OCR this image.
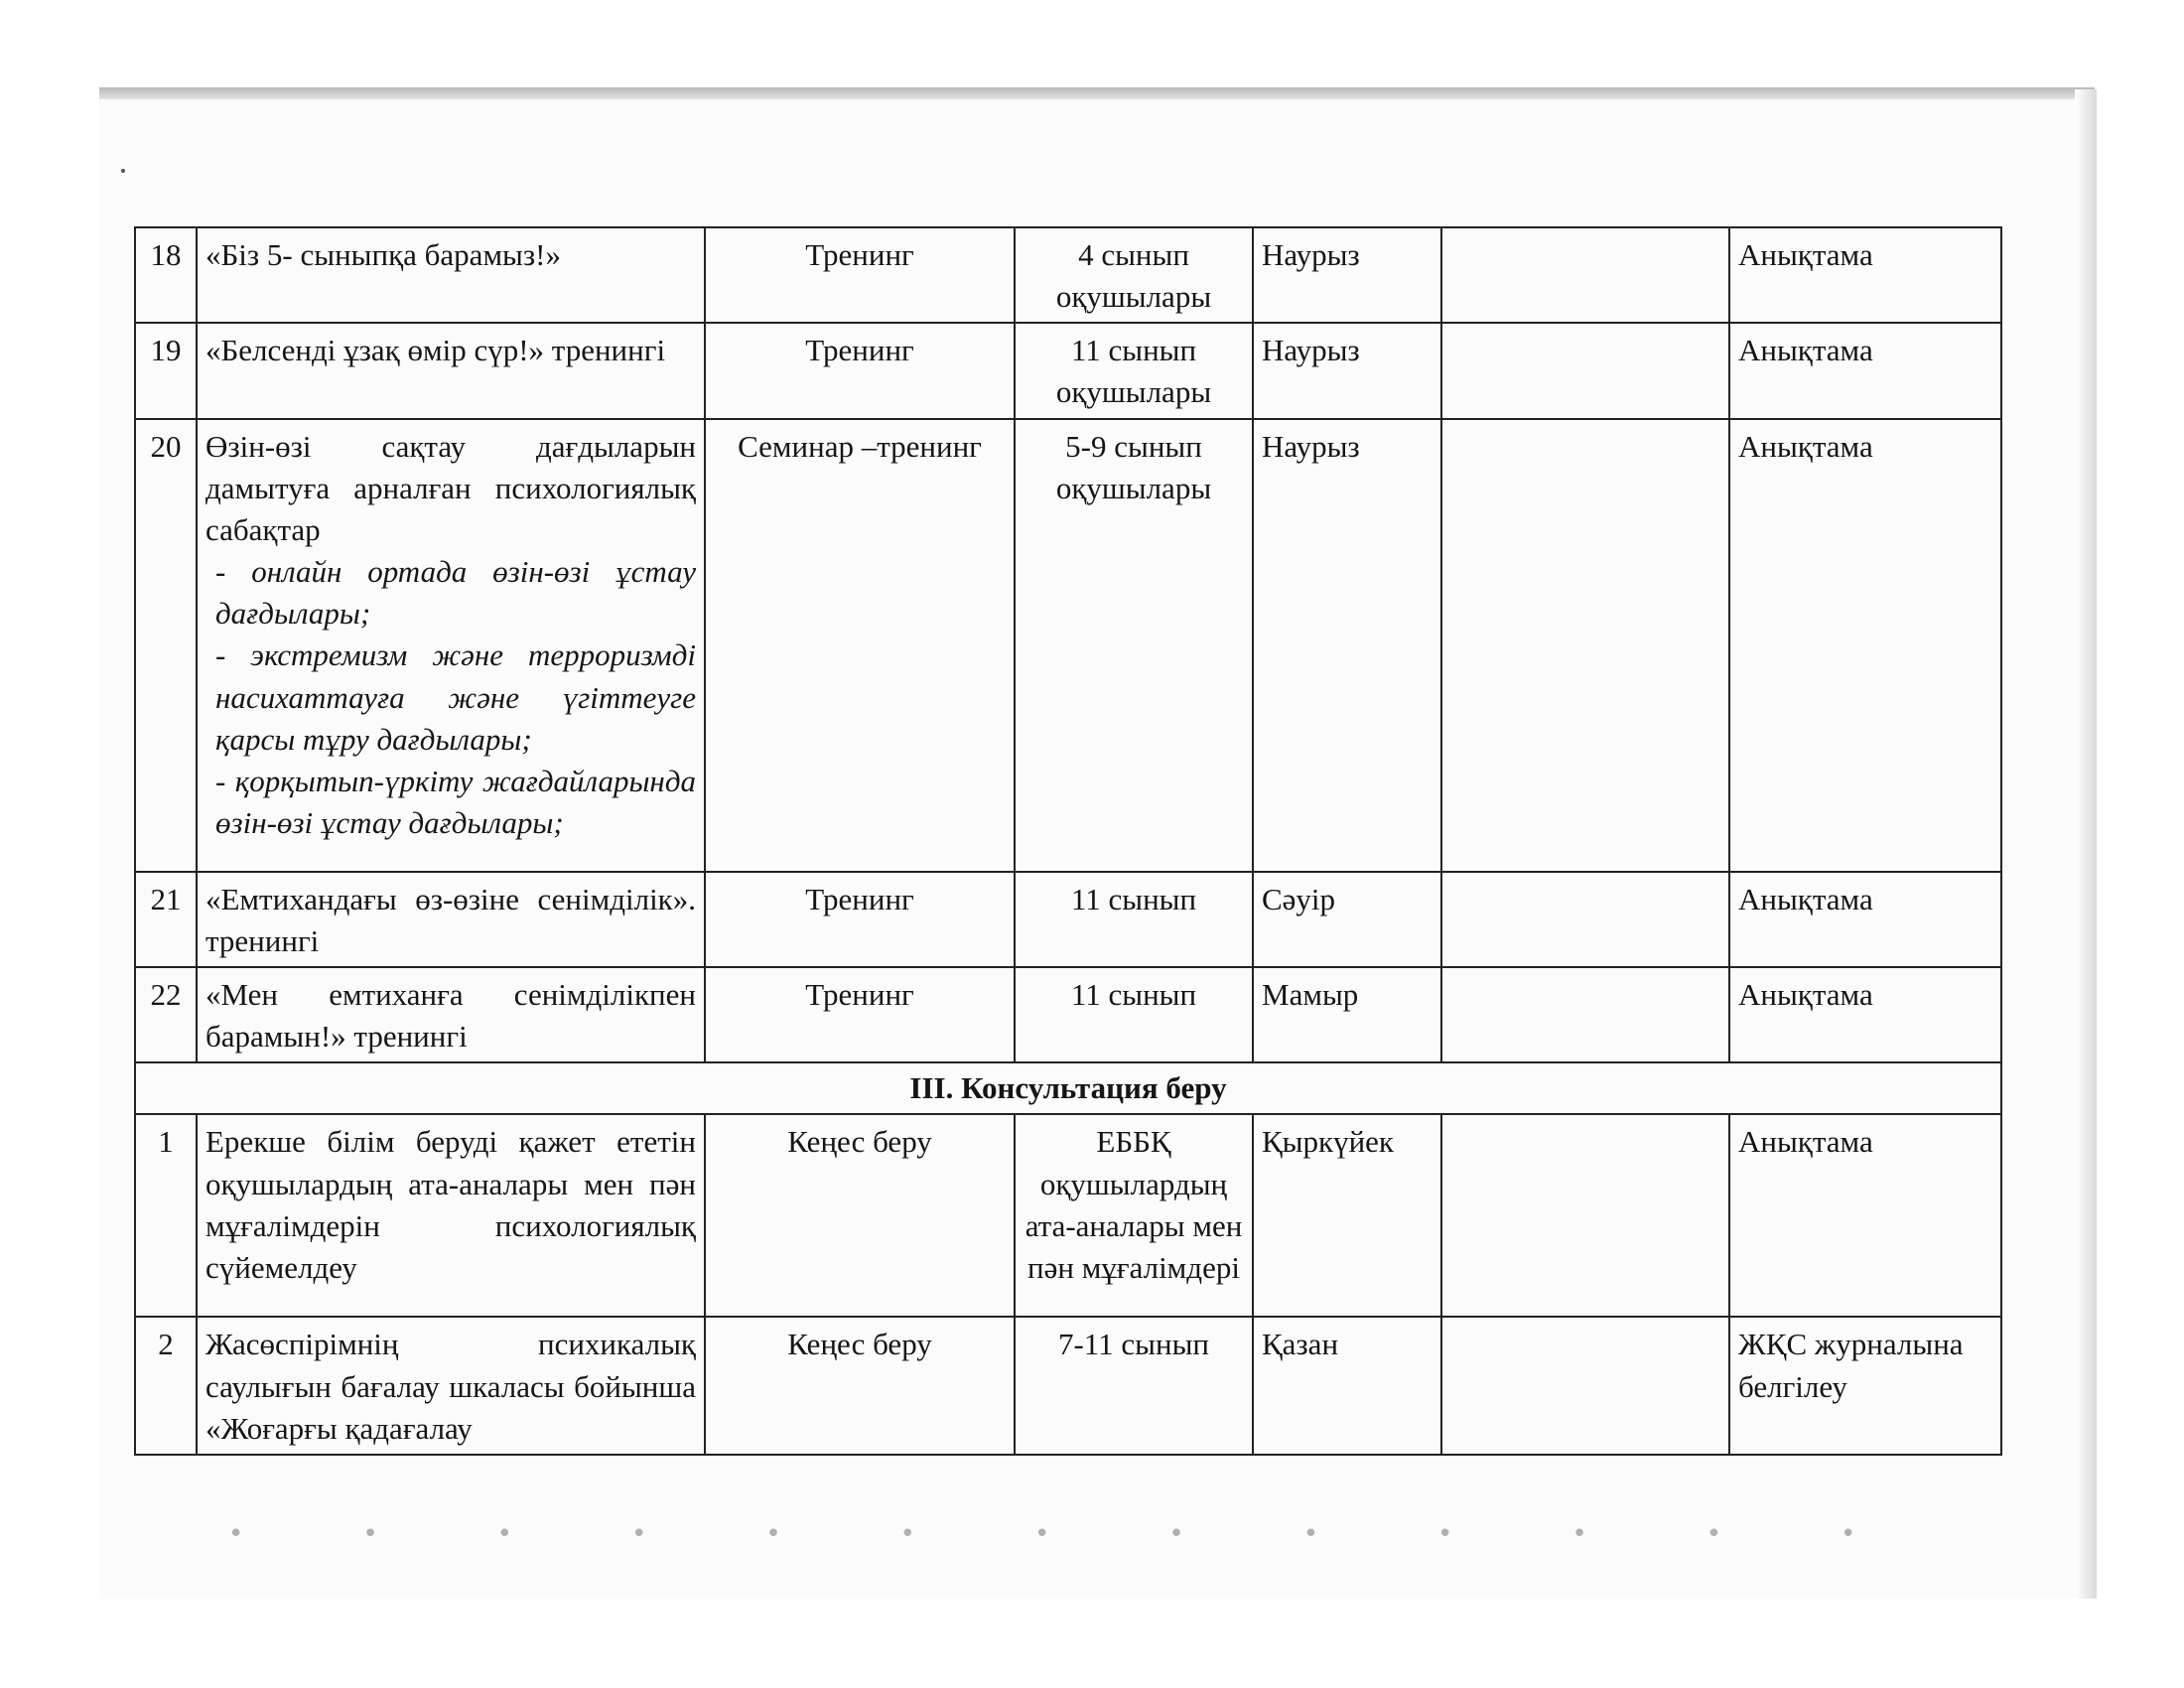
18	«Біз 5- сыныпқа барамыз!»	Тренинг	4 сынып оқушылары	Наурыз		Анықтама
19	«Белсенді ұзақ өмір сүр!» тренингі	Тренинг	11 сынып оқушылары	Наурыз		Анықтама
20	Өзін-өзі сақтау дағдыларын дамытуға арналған психологиялық сабақтар
- онлайн ортада өзін-өзі ұстау дағдылары;
- экстремизм және терроризмді насихаттауға және үгіттеуге қарсы тұру дағдылары;
- қорқытып-үркіту жағдайларында өзін-өзі ұстау дағдылары;	Семинар –тренинг	5-9 сынып оқушылары	Наурыз		Анықтама
21	«Емтихандағы өз-өзіне сенімділік». тренингі	Тренинг	11 сынып	Сәуір		Анықтама
22	«Мен емтиханға сенімділікпен барамын!» тренингі	Тренинг	11 сынып	Мамыр		Анықтама
III. Консультация беру						
1	Ерекше білім беруді қажет ететін оқушылардың ата-аналары мен пән мұғалімдерін психологиялық сүйемелдеу	Кеңес беру	ЕББҚ оқушылардың ата-аналары мен пән мұғалімдері	Қыркүйек		Анықтама
2	Жасөспірімнің психикалық саулығын бағалау шкаласы бойынша «Жоғарғы қадағалау	Кеңес беру	7-11 сынып	Қазан		ЖҚС журналына белгілеу
•••••••••••••
